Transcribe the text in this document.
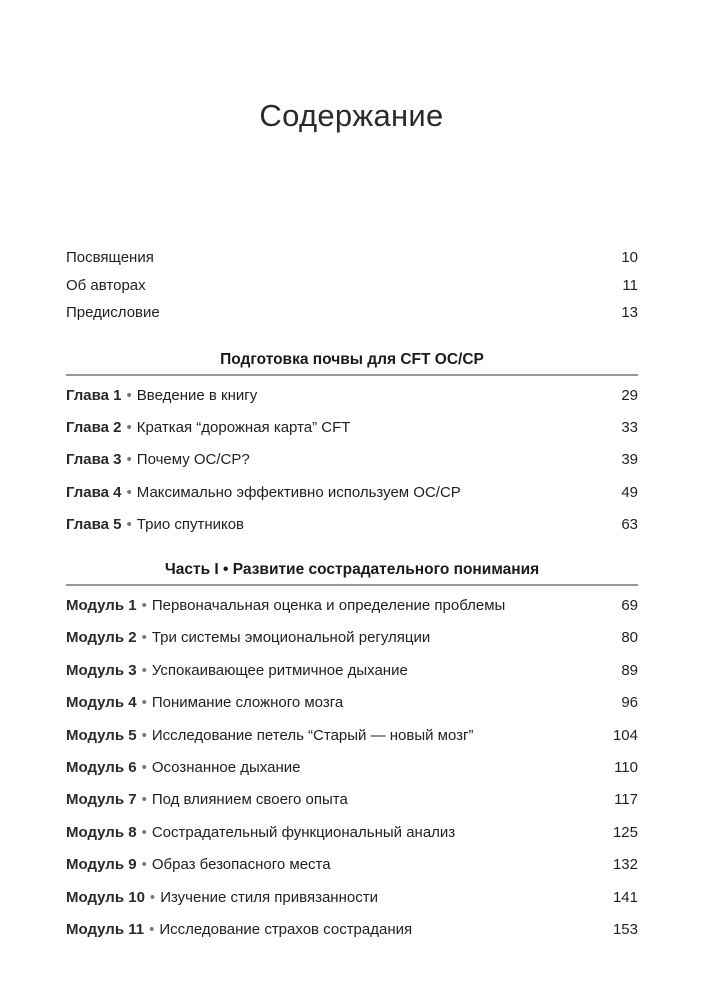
Содержание
Посвящения	10
Об авторах	11
Предисловие	13
Подготовка почвы для CFT ОС/СР
Глава 1 • Введение в книгу	29
Глава 2 • Краткая “дорожная карта” CFT	33
Глава 3 • Почему ОС/СР?	39
Глава 4 • Максимально эффективно используем ОС/СР	49
Глава 5 • Трио спутников	63
Часть I • Развитие сострадательного понимания
Модуль 1 • Первоначальная оценка и определение проблемы	69
Модуль 2 • Три системы эмоциональной регуляции	80
Модуль 3 • Успокаивающее ритмичное дыхание	89
Модуль 4 • Понимание сложного мозга	96
Модуль 5 • Исследование петель “Старый — новый мозг”	104
Модуль 6 • Осознанное дыхание	110
Модуль 7 • Под влиянием своего опыта	117
Модуль 8 • Сострадательный функциональный анализ	125
Модуль 9 • Образ безопасного места	132
Модуль 10 • Изучение стиля привязанности	141
Модуль 11 • Исследование страхов сострадания	153
